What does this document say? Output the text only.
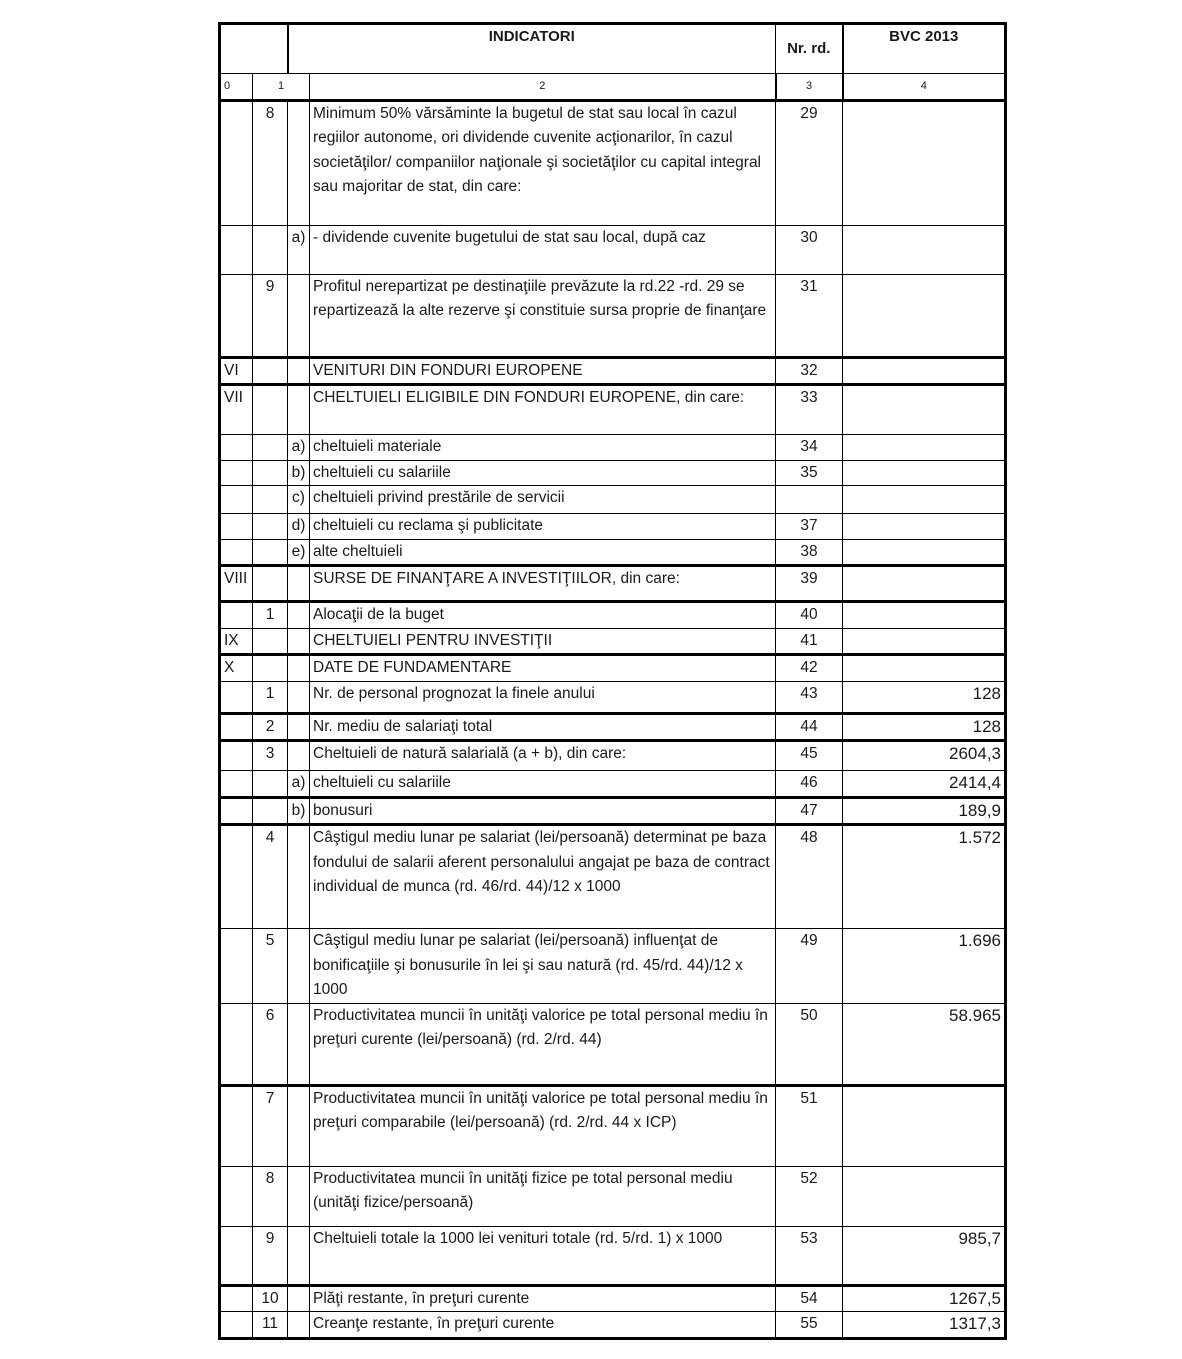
		INDICATORI		Nr. rd.	BVC 2013
0	1		2	3	4
	8		Minimum 50% vărsăminte la bugetul de stat sau local în cazul regiilor autonome, ori dividende cuvenite acţionarilor, în cazul societăţilor/ companiilor naţionale şi societăţilor cu capital integral sau majoritar de stat, din care:	29	
		a)	- dividende cuvenite bugetului de stat sau local, după caz	30	
	9		Profitul nerepartizat pe destinaţiile prevăzute la rd.22 -rd. 29 se repartizează la alte rezerve şi constituie sursa proprie de finanţare	31	
VI			VENITURI DIN FONDURI EUROPENE	32	
VII			CHELTUIELI ELIGIBILE DIN FONDURI EUROPENE, din care:	33	
		a)	cheltuieli materiale	34	
		b)	cheltuieli cu salariile	35	
		c)	cheltuieli privind prestările de servicii		
		d)	cheltuieli cu reclama şi publicitate	37	
		e)	alte cheltuieli	38	
VIII			SURSE DE FINANŢARE A INVESTIŢIILOR, din care:	39	
	1		Alocaţii de la buget	40	
IX			CHELTUIELI PENTRU INVESTIŢII	41	
X			DATE DE FUNDAMENTARE	42	
	1		Nr. de personal prognozat la finele anului	43	128
	2		Nr. mediu de salariaţi total	44	128
	3		Cheltuieli de natură salarială (a + b), din care:	45	2604,3
		a)	cheltuieli cu salariile	46	2414,4
		b)	bonusuri	47	189,9
	4		Câştigul mediu lunar pe salariat (lei/persoană) determinat pe baza fondului de salarii aferent personalului angajat pe baza de contract individual de munca (rd. 46/rd. 44)/12 x 1000	48	1.572
	5		Câştigul mediu lunar pe salariat (lei/persoană) influenţat de bonificaţiile şi bonusurile în lei şi sau natură (rd. 45/rd. 44)/12 x 1000	49	1.696
	6		Productivitatea muncii în unităţi valorice pe total personal mediu în preţuri curente (lei/persoană) (rd. 2/rd. 44)	50	58.965
	7		Productivitatea muncii în unităţi valorice pe total personal mediu în preţuri comparabile (lei/persoană) (rd. 2/rd. 44 x ICP)	51	
	8		Productivitatea muncii în unităţi fizice pe total personal mediu (unităţi fizice/persoană)	52	
	9		Cheltuieli totale la 1000 lei venituri totale (rd. 5/rd. 1) x 1000	53	985,7
	10		Plăţi restante, în preţuri curente	54	1267,5
	11		Creanţe restante, în preţuri curente	55	1317,3
